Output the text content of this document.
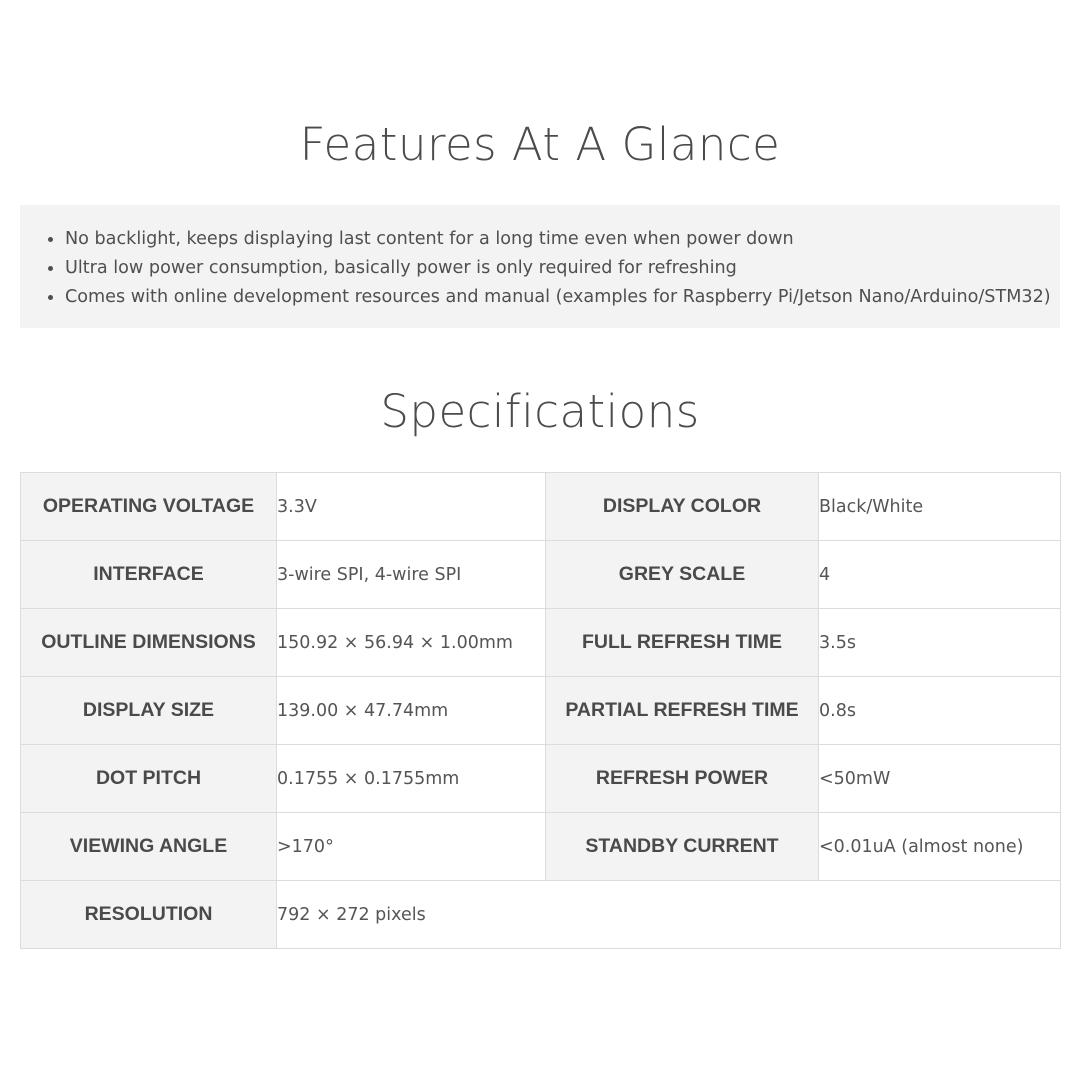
Features At A Glance
No backlight, keeps displaying last content for a long time even when power down
Ultra low power consumption, basically power is only required for refreshing
Comes with online development resources and manual (examples for Raspberry Pi/Jetson Nano/Arduino/STM32)
Specifications
OPERATING VOLTAGE	3.3V	DISPLAY COLOR	Black/White
INTERFACE	3-wire SPI, 4-wire SPI	GREY SCALE	4
OUTLINE DIMENSIONS	150.92 × 56.94 × 1.00mm	FULL REFRESH TIME	3.5s
DISPLAY SIZE	139.00 × 47.74mm	PARTIAL REFRESH TIME	0.8s
DOT PITCH	0.1755 × 0.1755mm	REFRESH POWER	<50mW
VIEWING ANGLE	>170°	STANDBY CURRENT	<0.01uA (almost none)
RESOLUTION	792 × 272 pixels		
